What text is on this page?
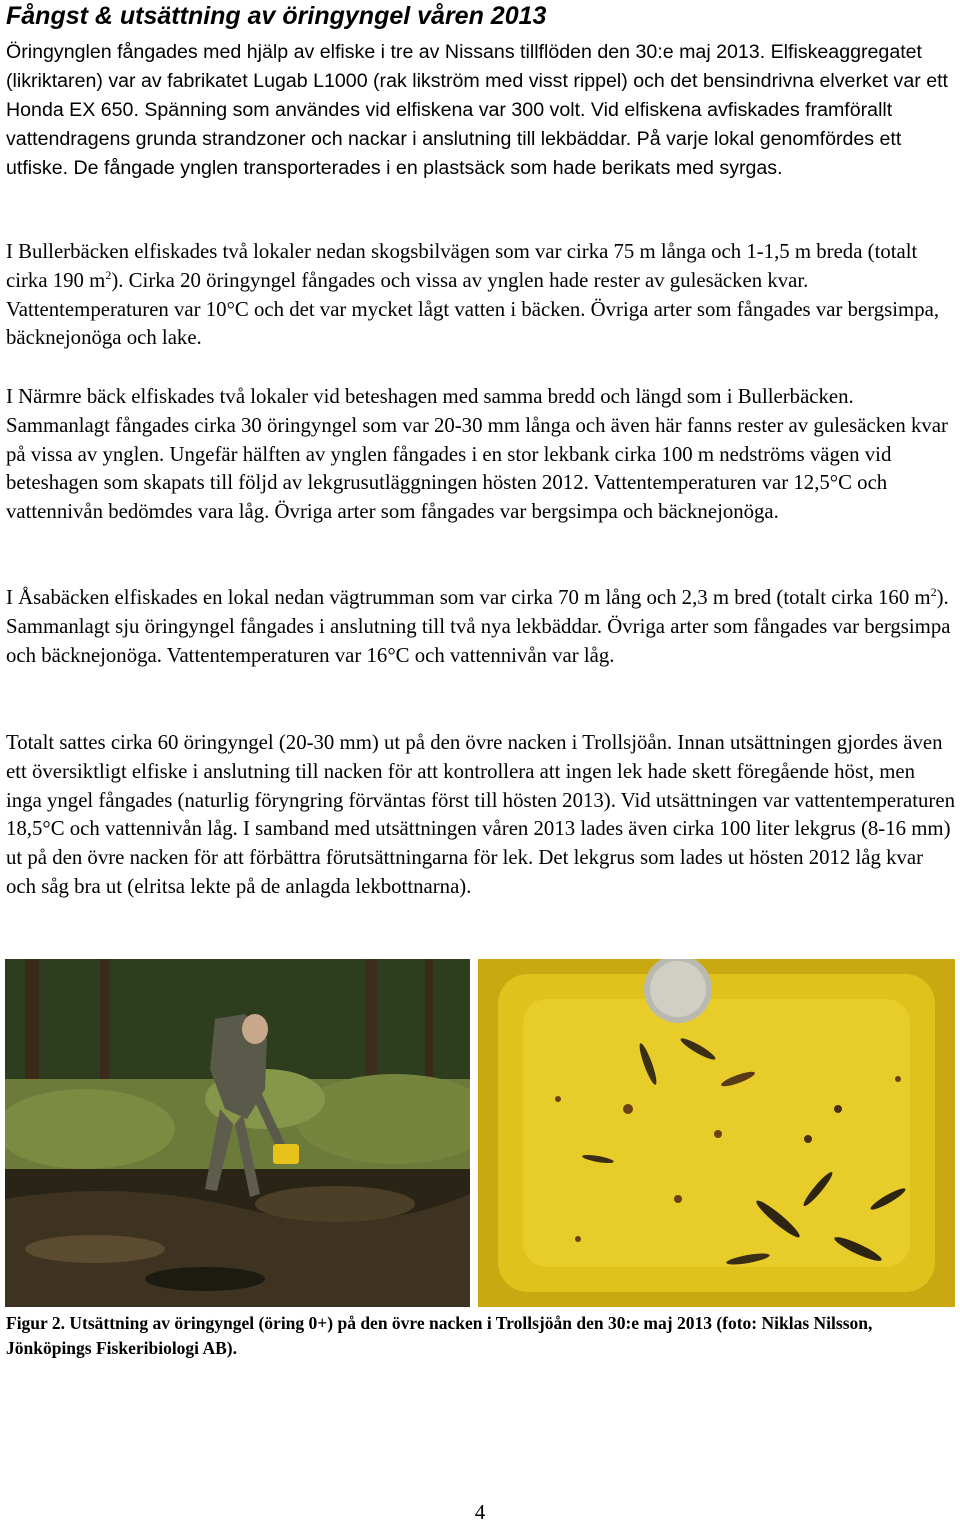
Fångst & utsättning av öringyngel våren 2013

Öringynglen fångades med hjälp av elfiske i tre av Nissans tillflöden den 30:e maj 2013. Elfiskeaggregatet (likriktaren) var av fabrikatet Lugab L1000 (rak likström med visst rippel) och det bensindrivna elverket var ett Honda EX 650. Spänning som användes vid elfiskena var 300 volt. Vid elfiskena avfiskades framförallt vattendragens grunda strandzoner och nackar i anslutning till lekbäddar. På varje lokal genomfördes ett utfiske. De fångade ynglen transporterades i en plastsäck som hade berikats med syrgas.

I Bullerbäcken elfiskades två lokaler nedan skogsbilvägen som var cirka 75 m långa och 1-1,5 m breda (totalt cirka 190 $m^2$). Cirka 20 öringyngel fångades och vissa av ynglen hade rester av gulesäcken kvar. Vattentemperaturen var 10°C och det var mycket lågt vatten i bäcken. Övriga arter som fångades var bergsimpa, bäcknejonöga och lake.

I Närmre bäck elfiskades två lokaler vid beteshagen med samma bredd och längd som i Bullerbäcken. Sammanlagt fångades cirka 30 öringyngel som var 20-30 mm långa och även här fanns rester av gulesäcken kvar på vissa av ynglen. Ungefär hälften av ynglen fångades i en stor lekbank cirka 100 m nedströms vägen vid beteshagen som skapats till följd av lekgrusutläggningen hösten 2012. Vattentemperaturen var 12,5°C och vattennivån bedömdes vara låg. Övriga arter som fångades var bergsimpa och bäcknejonöga.

I Åsabäcken elfiskades en lokal nedan vägtrumman som var cirka 70 m lång och 2,3 m bred (totalt cirka 160 $m^2$). Sammanlagt sju öringyngel fångades i anslutning till två nya lekbäddar. Övriga arter som fångades var bergsimpa och bäcknejonöga. Vattentemperaturen var 16°C och vattennivån var låg.

Totalt sattes cirka 60 öringyngel (20-30 mm) ut på den övre nacken i Trollsjöån. Innan utsättningen gjordes även ett översiktligt elfiske i anslutning till nacken för att kontrollera att ingen lek hade skett föregående höst, men inga yngel fångades (naturlig föryngring förväntas först till hösten 2013). Vid utsättningen var vattentemperaturen 18,5°C och vattennivån låg. I samband med utsättningen våren 2013 lades även cirka 100 liter lekgrus (8-16 mm) ut på den övre nacken för att förbättra förutsättningarna för lek. Det lekgrus som lades ut hösten 2012 låg kvar och såg bra ut (elritsa lekte på de anlagda lekbottnarna).

Figur 2. Utsättning av öringyngel (öring 0+) på den övre nacken i Trollsjöån den 30:e maj 2013 (foto: Niklas Nilsson, Jönköpings Fiskeribiologi AB).

4
